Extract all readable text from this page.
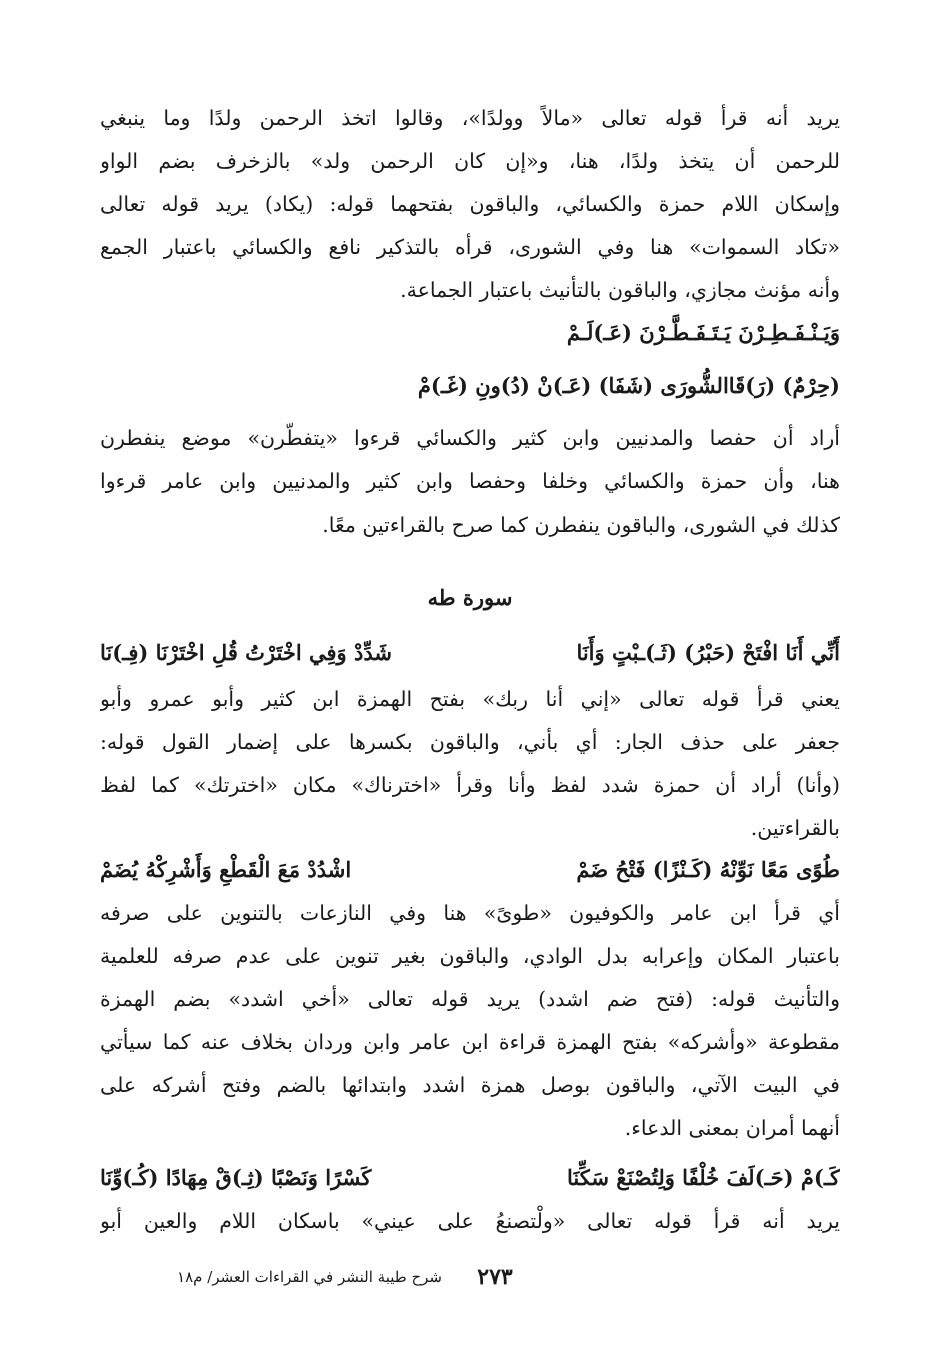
يريد أنه قرأ قوله تعالى «مالاً وولدًا»، وقالوا اتخذ الرحمن ولدًا وما ينبغي
للرحمن أن يتخذ ولدًا، هنا، و«إن كان الرحمن ولد» بالزخرف بضم الواو
وإسكان اللام حمزة والكسائي، والباقون بفتحهما قوله: (يكاد) يريد قوله تعالى
«تكاد السموات» هنا وفي الشورى، قرأه بالتذكير نافع والكسائي باعتبار الجمع
وأنه مؤنث مجازي، والباقون بالتأنيث باعتبار الجماعة.
وَيَـنْـفَـطِـرْنَ يَـتَـفَـطَّـرْنَ (عَـ)لَـمْ
(حِرْمٌ) (رَ)قَاالشُّورَى (شَفَا) (عَـ)نْ (دُ)ونِ (غَـ)مْ
أراد أن حفصا والمدنيين وابن كثير والكسائي قرءوا «يتفطّرن» موضع ينفطرن
هنا، وأن حمزة والكسائي وخلفا وحفصا وابن كثير والمدنيين وابن عامر قرءوا
كذلك في الشورى، والباقون ينفطرن كما صرح بالقراءتين معًا.
سورة طه
أَنِّي أَنَا افْتَحْ (حَبْرُ) (ثَـ)ـبْتٍ وَأَنَا
شَدِّدْ وَفِي اخْتَرْتُ قُلِ اخْتَرْنَا (فِـ)نَا
يعني قرأ قوله تعالى «إني أنا ربك» بفتح الهمزة ابن كثير وأبو عمرو وأبو
جعفر على حذف الجار: أي بأني، والباقون بكسرها على إضمار القول قوله:
(وأنا) أراد أن حمزة شدد لفظ وأنا وقرأ «اخترناك» مكان «اخترتك» كما لفظ
بالقراءتين.
طُوًى مَعًا نَوِّنْهُ (كَـنْزًا) فَتْحُ ضَمْ
اشْدُدْ مَعَ الْقَطْعِ وَأَشْرِكْهُ يُضَمْ
أي قرأ ابن عامر والكوفيون «طوىً» هنا وفي النازعات بالتنوين على صرفه
باعتبار المكان وإعرابه بدل الوادي، والباقون بغير تنوين على عدم صرفه للعلمية
والتأنيث قوله: (فتح ضم اشدد) يريد قوله تعالى «أخي اشدد» بضم الهمزة
مقطوعة «وأشركه» بفتح الهمزة قراءة ابن عامر وابن وردان بخلاف عنه كما سيأتي
في البيت الآتي، والباقون بوصل همزة اشدد وابتدائها بالضم وفتح أشركه على
أنهما أمران بمعنى الدعاء.
كَـ)مْ (حَـ)لَفَ خُلْفًا وَلِتُصْنَعْ سَكِّنَا
كَسْرًا وَنَصْبًا (ثِـ)قْ مِهَادًا (كُـ)وِّنَا
يريد أنه قرأ قوله تعالى «ولْتصنعُ على عيني» باسكان اللام والعين أبو
شرح طيبة النشر في القراءات العشر/ م١٨	٢٧٣
